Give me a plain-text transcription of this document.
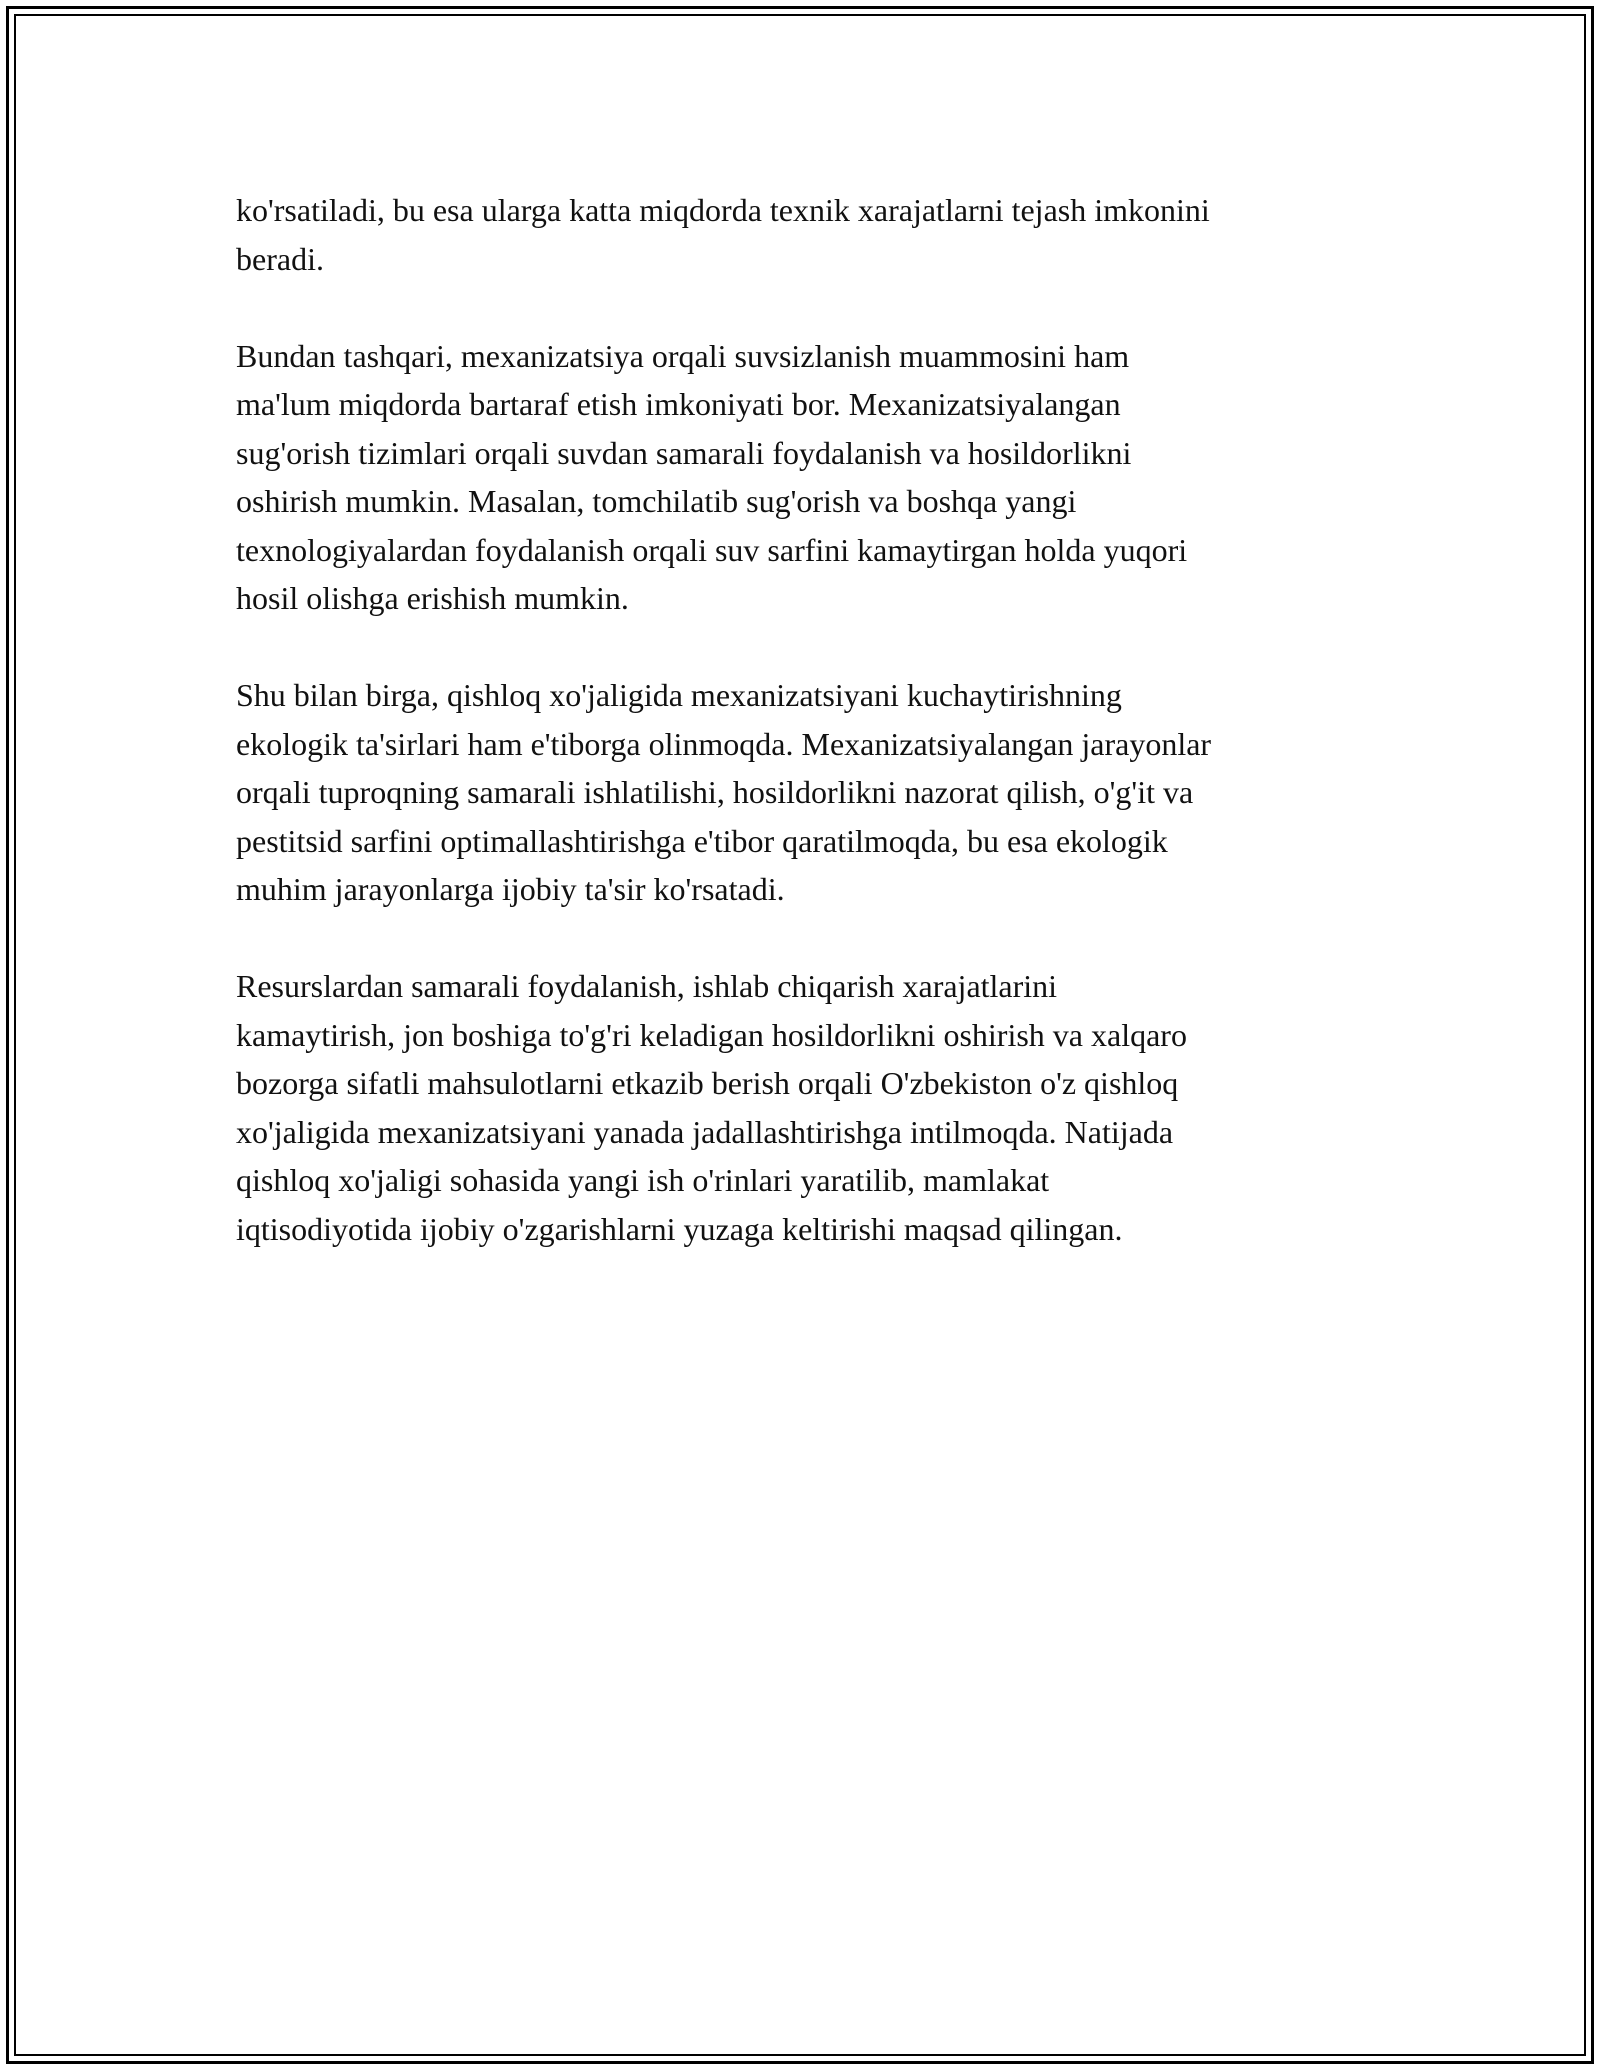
ko'rsatiladi, bu esa ularga katta miqdorda texnik xarajatlarni tejash imkonini
beradi.

Bundan tashqari, mexanizatsiya orqali suvsizlanish muammosini ham
ma'lum miqdorda bartaraf etish imkoniyati bor. Mexanizatsiyalangan
sug'orish tizimlari orqali suvdan samarali foydalanish va hosildorlikni
oshirish mumkin. Masalan, tomchilatib sug'orish va boshqa yangi
texnologiyalardan foydalanish orqali suv sarfini kamaytirgan holda yuqori
hosil olishga erishish mumkin.

Shu bilan birga, qishloq xo'jaligida mexanizatsiyani kuchaytirishning
ekologik ta'sirlari ham e'tiborga olinmoqda. Mexanizatsiyalangan jarayonlar
orqali tuproqning samarali ishlatilishi, hosildorlikni nazorat qilish, o'g'it va
pestitsid sarfini optimallashtirishga e'tibor qaratilmoqda, bu esa ekologik
muhim jarayonlarga ijobiy ta'sir ko'rsatadi.

Resurslardan samarali foydalanish, ishlab chiqarish xarajatlarini
kamaytirish, jon boshiga to'g'ri keladigan hosildorlikni oshirish va xalqaro
bozorga sifatli mahsulotlarni etkazib berish orqali O'zbekiston o'z qishloq
xo'jaligida mexanizatsiyani yanada jadallashtirishga intilmoqda. Natijada
qishloq xo'jaligi sohasida yangi ish o'rinlari yaratilib, mamlakat
iqtisodiyotida ijobiy o'zgarishlarni yuzaga keltirishi maqsad qilingan.
